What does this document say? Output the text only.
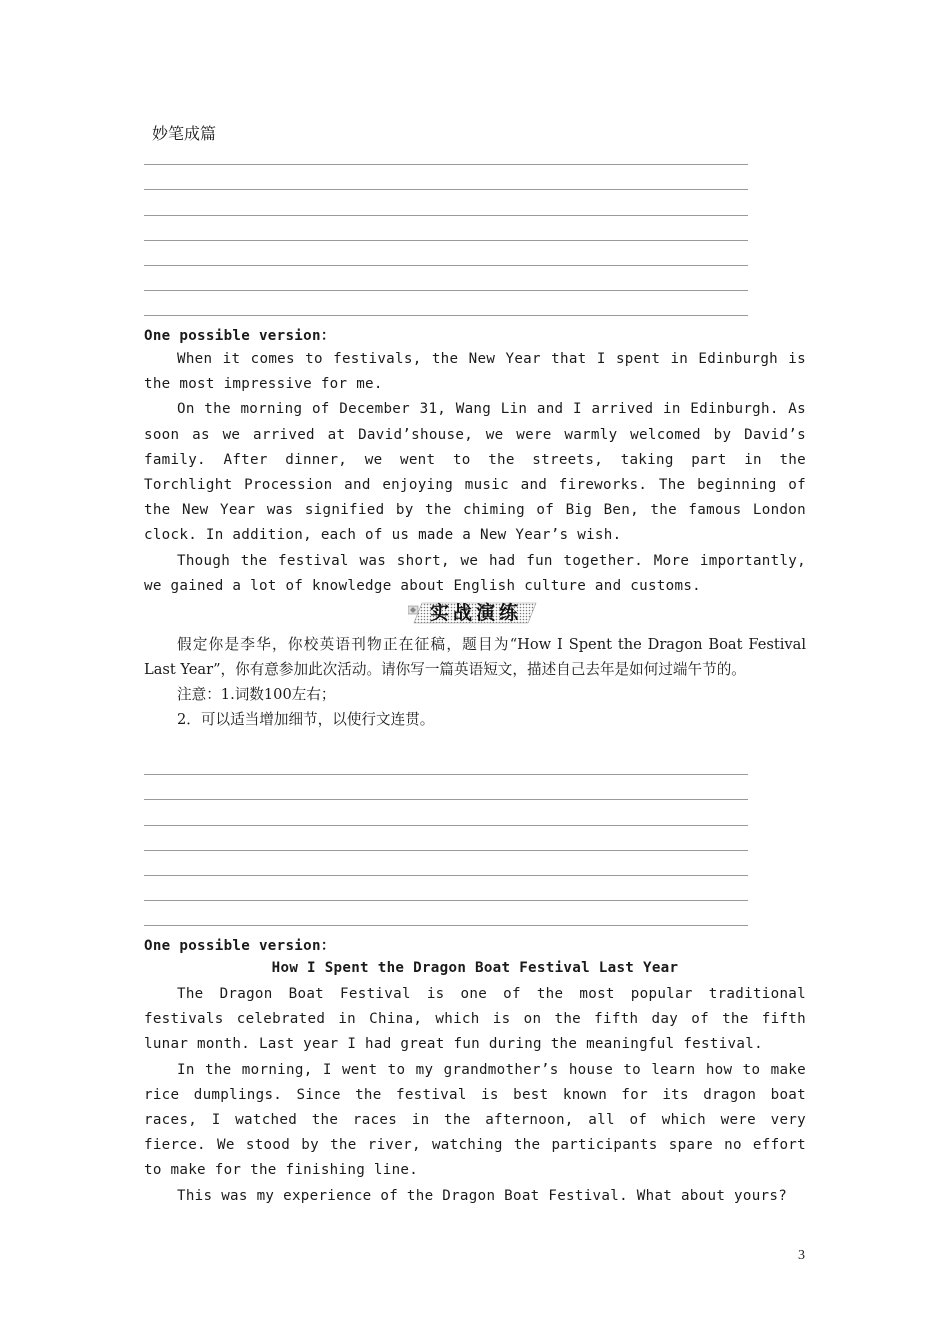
妙笔成篇
One possible version：

When it comes to festivals, the New Year that I spent in Edinburgh is the most impressive for me.

On the morning of December 31, Wang Lin and I arrived in Edinburgh. As soon as we arrived at David’shouse, we were warmly welcomed by David’s family. After dinner, we went to the streets, taking part in the Torchlight Procession and enjoying music and fireworks. The beginning of the New Year was signified by the chiming of Big Ben, the famous London clock. In addition, each of us made a New Year’s wish.

Though the festival was short, we had fun together. More importantly, we gained a lot of knowledge about English culture and customs.

实战演练

假定你是李华，你校英语刊物正在征稿，题目为“How I Spent the Dragon Boat Festival Last Year”，你有意参加此次活动。请你写一篇英语短文，描述自己去年是如何过端午节的。

注意：1.词数100左右；

2．可以适当增加细节，以使行文连贯。

One possible version：
How I Spent the Dragon Boat Festival Last Year

The Dragon Boat Festival is one of the most popular traditional festivals celebrated in China, which is on the fifth day of the fifth lunar month. Last year I had great fun during the meaningful festival.

In the morning, I went to my grandmother’s house to learn how to make rice dumplings. Since the festival is best known for its dragon boat races, I watched the races in the afternoon, all of which were very fierce. We stood by the river, watching the participants spare no effort to make for the finishing line.

This was my experience of the Dragon Boat Festival. What about yours?

3
